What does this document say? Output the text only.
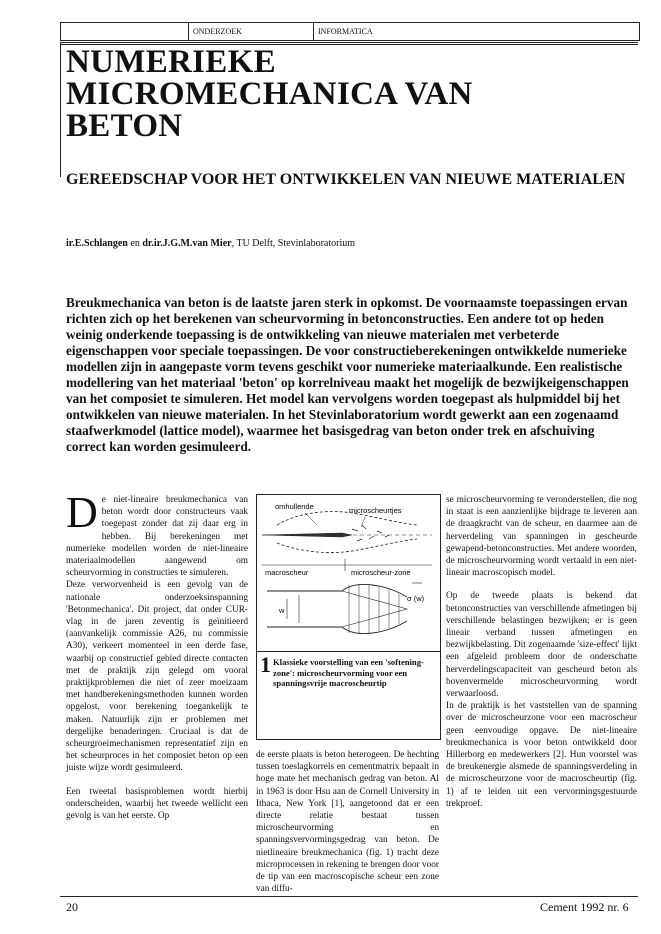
ONDERZOEK	INFORMATICA
NUMERIEKE
MICROMECHANICA VAN
BETON
GEREEDSCHAP VOOR HET ONTWIKKELEN VAN NIEUWE MATERIALEN
ir.E.Schlangen en dr.ir.J.G.M.van Mier, TU Delft, Stevinlaboratorium
Breukmechanica van beton is de laatste jaren sterk in opkomst. De voornaamste toepassingen ervan richten zich op het berekenen van scheurvorming in betonconstructies. Een andere tot op heden weinig onderkende toepassing is de ontwikkeling van nieuwe materialen met verbeterde eigenschappen voor speciale toepassingen. De voor constructieberekeningen ontwikkelde numerieke modellen zijn in aangepaste vorm tevens geschikt voor numerieke materiaalkunde. Een realistische modellering van het materiaal 'beton' op korrelniveau maakt het mogelijk de bezwijkeigenschappen van het composiet te simuleren. Het model kan vervolgens worden toegepast als hulpmiddel bij het ontwikkelen van nieuwe materialen. In het Stevinlaboratorium wordt gewerkt aan een zogenaamd staafwerkmodel (lattice model), waarmee het basisgedrag van beton onder trek en afschuiving correct kan worden gesimuleerd.

De niet-lineaire breukmechanica van beton wordt door constructeurs vaak toegepast zonder dat zij daar erg in hebben. Bij berekeningen met numerieke modellen worden de niet-lineaire materiaalmodellen aangewend om scheurvorming in constructies te simuleren.

Deze verworvenheid is een gevolg van de nationale onderzoeksinspanning 'Betonmechanica'. Dit project, dat onder CUR-vlag in de jaren zeventig is geïnitieerd (aanvankelijk commissie A26, nu commissie A30), verkeert momenteel in een derde fase, waarbij op constructief gebied directe contacten met de praktijk zijn gelegd om vooral praktijkproblemen die niet of zeer moeizaam met handberekeningsmethoden kunnen worden opgelost, voor berekening toegankelijk te maken. Natuurlijk zijn er problemen met dergelijke benaderingen. Cruciaal is dat de scheurgroeimechanismen representatief zijn en het scheurproces in het composiet beton op een juiste wijze wordt gesimuleerd.

Een tweetal basisproblemen wordt hierbij onderscheiden, waarbij het tweede wellicht een gevolg is van het eerste. Op

omhullende	microscheurtjes
macroscheur	microscheur-zone
σ (w)
w
1 Klassieke voorstelling van een 'softening-zone': microscheurvorming voor een spanningsvrije macroscheurtip

de eerste plaats is beton heterogeen. De hechting tussen toeslagkorrels en cementmatrix bepaalt in hoge mate het mechanisch gedrag van beton. Al in 1963 is door Hsu aan de Cornell University in Ithaca, New York [1], aangetoond dat er een directe relatie bestaat tussen microscheurvorming en spanningsvervormingsgedrag van beton. De nietlineaire breukmechanica (fig. 1) tracht deze microprocessen in rekening te brengen door voor de tip van een macroscopische scheur een zone van diffu-

se microscheurvorming te veronderstellen, die nog in staat is een aanzienlijke bijdrage te leveren aan de draagkracht van de scheur, en daarmee aan de herverdeling van spanningen in gescheurde gewapend-betonconstructies. Met andere woorden, de microscheurvorming wordt vertaald in een niet-lineair macroscopisch model.

Op de tweede plaats is bekend dat betonconstructies van verschillende afmetingen bij verschillende belastingen bezwijken; er is geen lineair verband tussen afmetingen en bezwijkbelasting. Dit zogenaamde 'size-effect' lijkt een afgeleid probleem door de onderschatte herverdelingscapaciteit van gescheurd beton als bovenvermelde microscheurvorming wordt verwaarloosd.

In de praktijk is het vaststellen van de spanning over de microscheurzone voor een macroscheur geen eenvoudige opgave. De niet-lineaire breukmechanica is voor beton ontwikkeld door Hillerborg en medewerkers [2]. Hun voorstel was de breukenergie alsmede de spanningsverdeling in de microscheurzone voor de macroscheurtip (fig. 1) af te leiden uit een vervormingsgestuurde trekproef.

20	Cement 1992 nr. 6
